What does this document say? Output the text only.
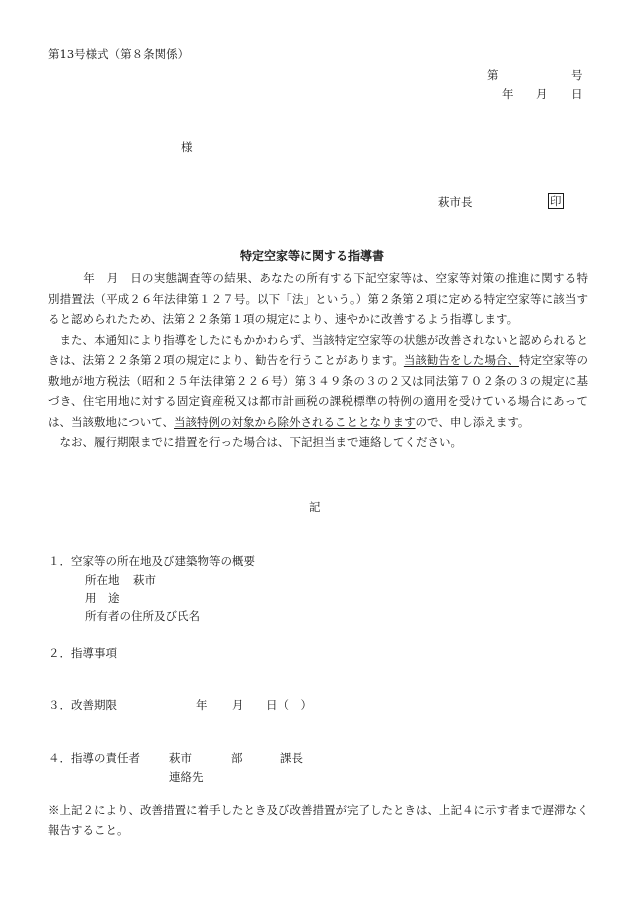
第13号様式（第８条関係）
第	号
年 月 日
様
萩市長	印
特定空家等に関する指導書

　　　年　月　日の実態調査等の結果、あなたの所有する下記空家等は、空家等対策の推進に関する特別措置法（平成２６年法律第１２７号。以下「法」という。）第２条第２項に定める特定空家等に該当すると認められたため、法第２２条第１項の規定により、速やかに改善するよう指導します。

　また、本通知により指導をしたにもかかわらず、当該特定空家等の状態が改善されないと認められるときは、法第２２条第２項の規定により、勧告を行うことがあります。当該勧告をした場合、特定空家等の敷地が地方税法（昭和２５年法律第２２６号）第３４９条の３の２又は同法第７０２条の３の規定に基づき、住宅用地に対する固定資産税又は都市計画税の課税標準の特例の適用を受けている場合にあっては、当該敷地について、当該特例の対象から除外されることとなりますので、申し添えます。

　なお、履行期限までに措置を行った場合は、下記担当まで連絡してください。

記
１．空家等の所在地及び建築物等の概要
所在地 萩市
用　途
所有者の住所及び氏名
２．指導事項
３．改善期限	年 月 日（　）
４．指導の責任者	萩市	部	課長
連絡先
※上記２により、改善措置に着手したとき及び改善措置が完了したときは、上記４に示す者まで遅滞なく報告すること。
